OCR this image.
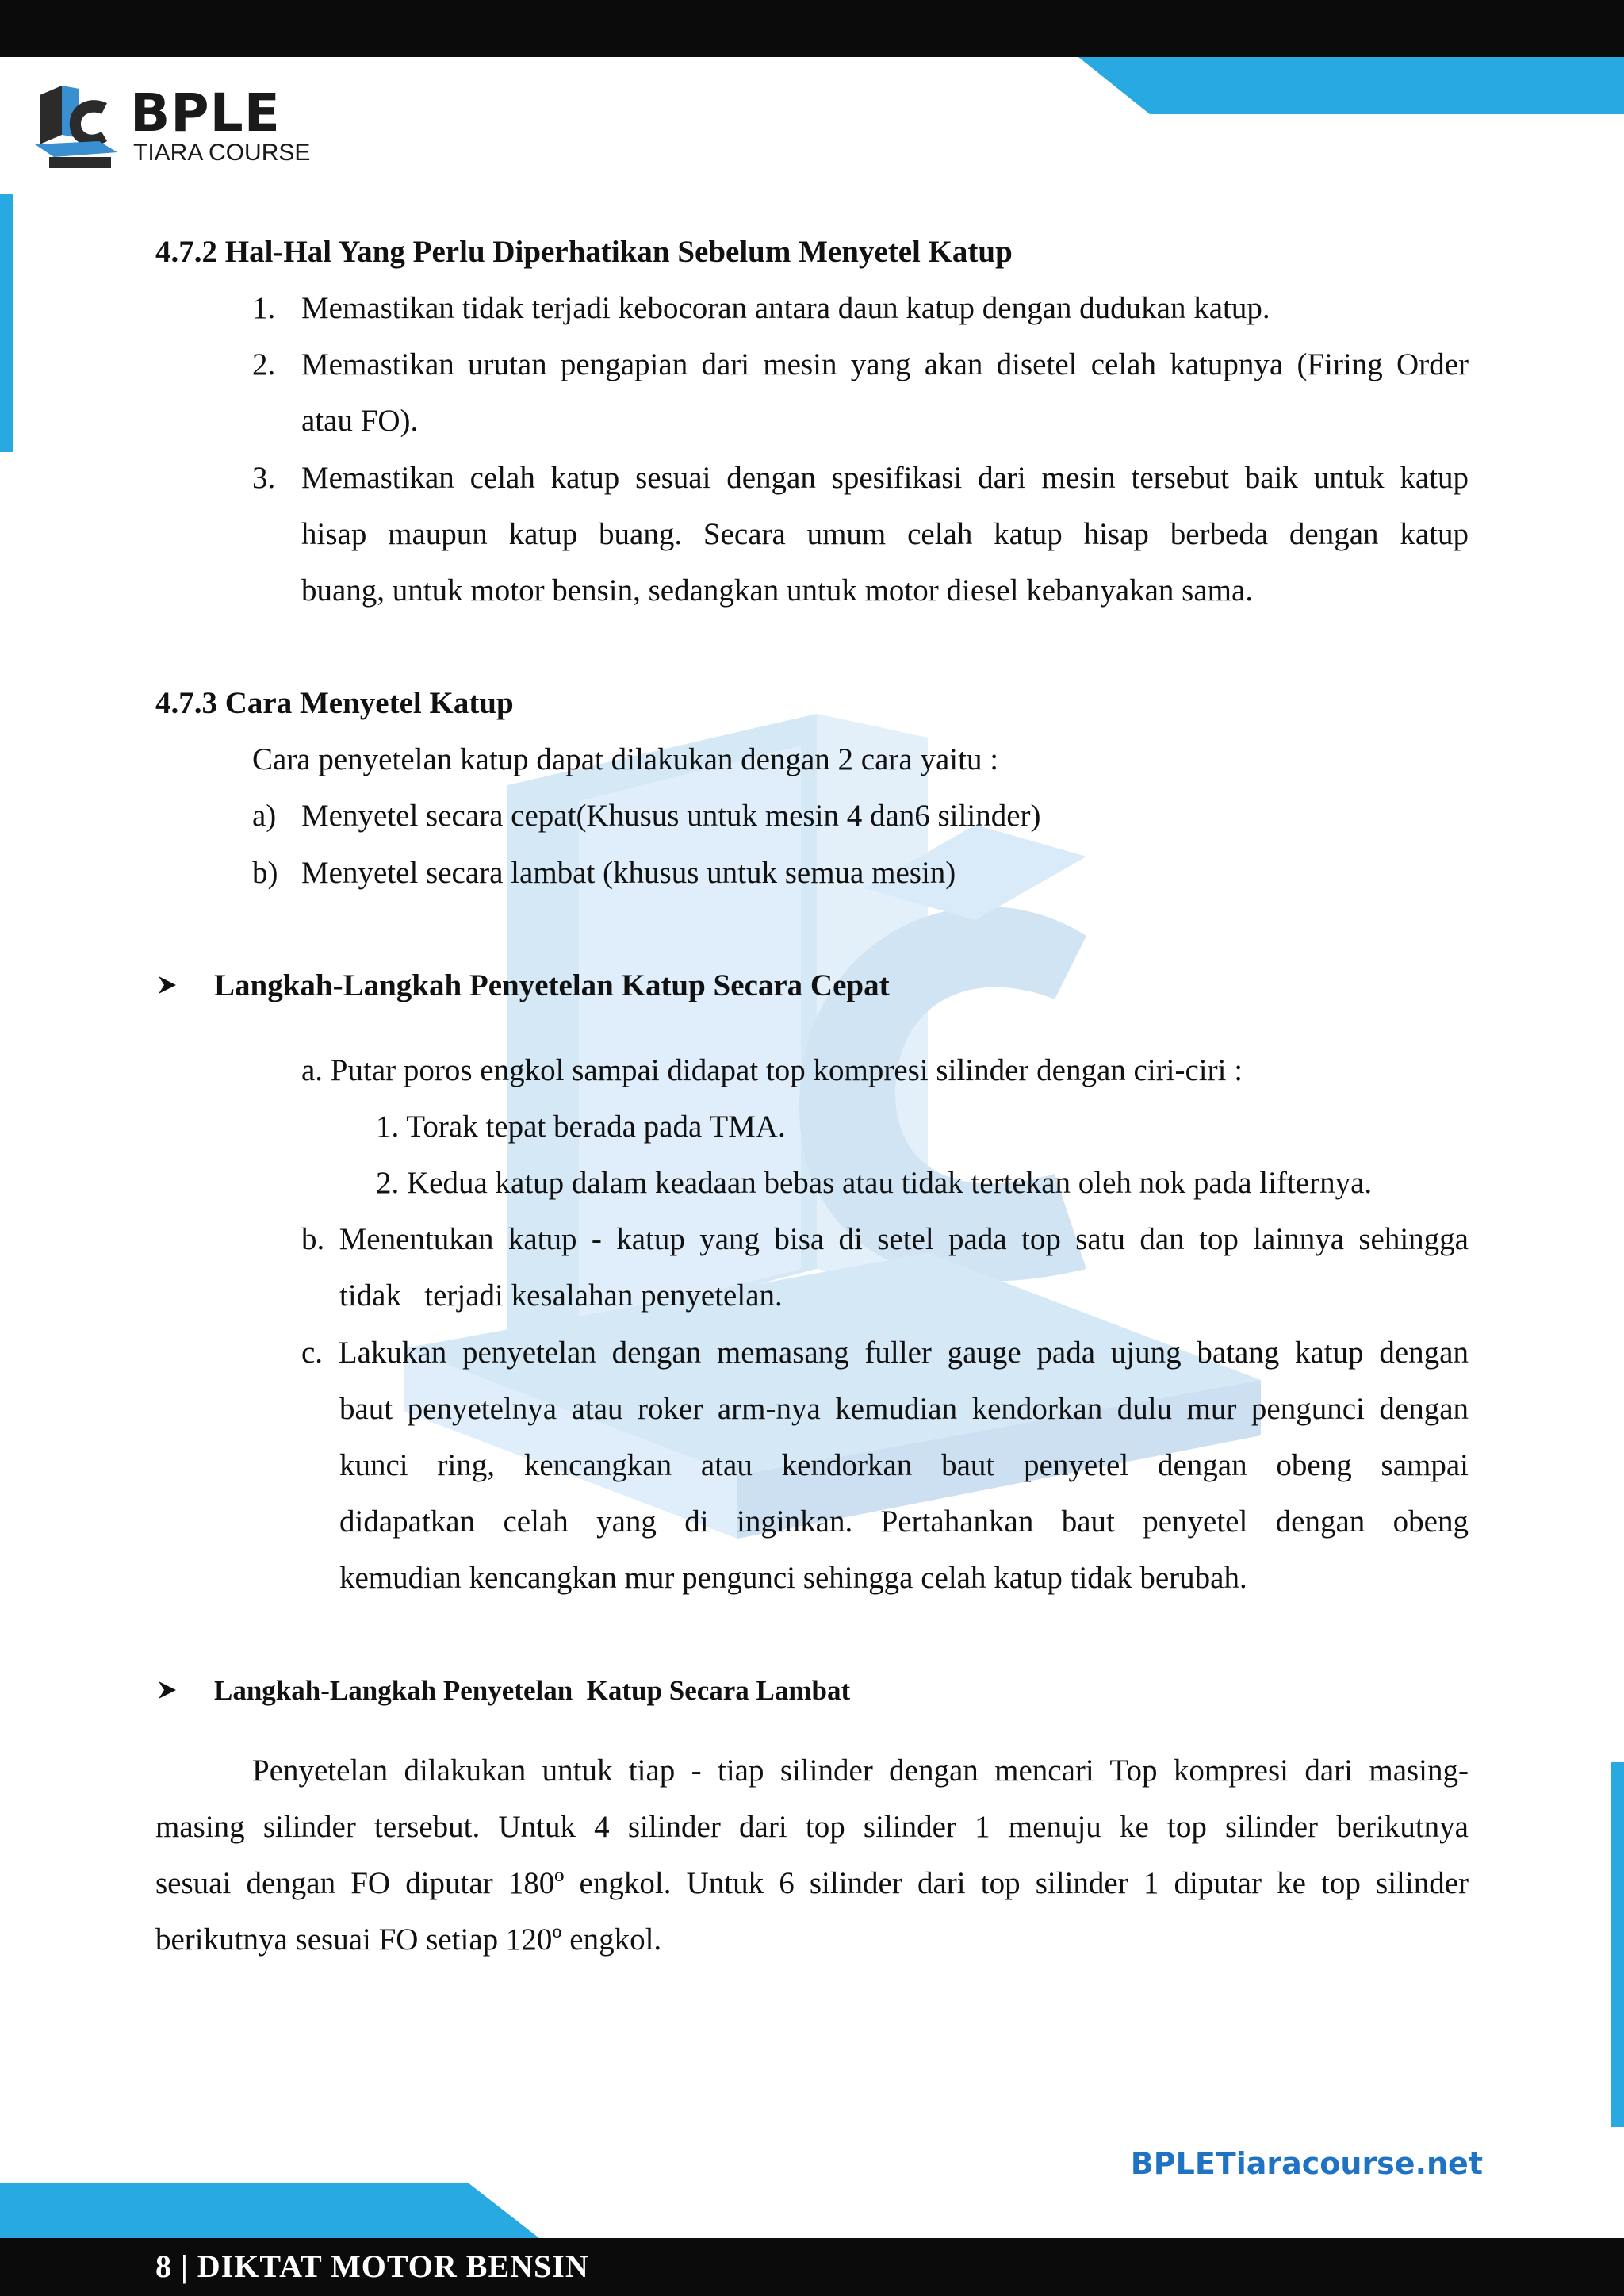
BPLE
TIARA COURSE

4.7.2 Hal-Hal Yang Perlu Diperhatikan Sebelum Menyetel Katup

1. Memastikan tidak terjadi kebocoran antara daun katup dengan dudukan katup.

2. Memastikan urutan pengapian dari mesin yang akan disetel celah katupnya (Firing Order

atau FO).

3. Memastikan celah katup sesuai dengan spesifikasi dari mesin tersebut baik untuk katup

hisap maupun katup buang. Secara umum celah katup hisap berbeda dengan katup

buang, untuk motor bensin, sedangkan untuk motor diesel kebanyakan sama.

4.7.3 Cara Menyetel Katup

Cara penyetelan katup dapat dilakukan dengan 2 cara yaitu :

a) Menyetel secara cepat(Khusus untuk mesin 4 dan6 silinder)

b) Menyetel secara lambat (khusus untuk semua mesin)

Langkah-Langkah Penyetelan Katup Secara Cepat

a. Putar poros engkol sampai didapat top kompresi silinder dengan ciri-ciri :

1. Torak tepat berada pada TMA.

2. Kedua katup dalam keadaan bebas atau tidak tertekan oleh nok pada lifternya.

b. Menentukan katup - katup yang bisa di setel pada top satu dan top lainnya sehingga

tidak   terjadi kesalahan penyetelan.

c. Lakukan penyetelan dengan memasang fuller gauge pada ujung batang katup dengan

baut penyetelnya atau roker arm-nya kemudian kendorkan dulu mur pengunci dengan

kunci ring, kencangkan atau kendorkan baut penyetel dengan obeng sampai

didapatkan celah yang di inginkan. Pertahankan baut penyetel dengan obeng

kemudian kencangkan mur pengunci sehingga celah katup tidak berubah.

Langkah-Langkah Penyetelan  Katup Secara Lambat

Penyetelan dilakukan untuk tiap - tiap silinder dengan mencari Top kompresi dari masing-

masing silinder tersebut. Untuk 4 silinder dari top silinder 1 menuju ke top silinder berikutnya

sesuai dengan FO diputar 180º engkol. Untuk 6 silinder dari top silinder 1 diputar ke top silinder

berikutnya sesuai FO setiap 120º engkol.

BPLETiaracourse.net
8 | DIKTAT MOTOR BENSIN
